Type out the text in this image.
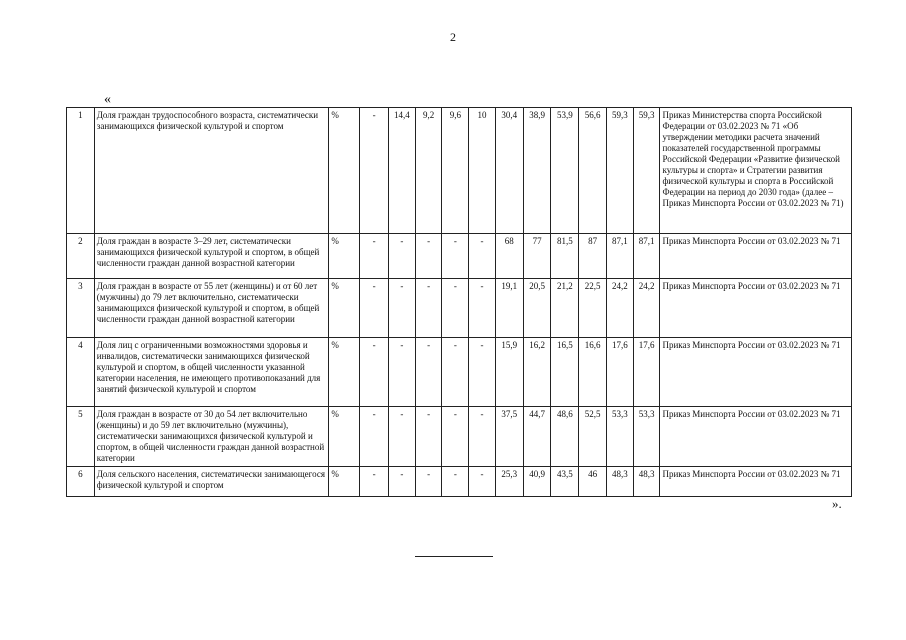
2
«
1	Доля граждан трудоспособного возраста, систематически занимающихся физической культурой и спортом	%	-	14,4	9,2	9,6	10	30,4	38,9	53,9	56,6	59,3	59,3	Приказ Министерства спорта Российской Федерации от 03.02.2023 № 71 «Об утверждении методики расчета значений показателей государственной программы Российской Федерации «Развитие физической культуры и спорта» и Стратегии развития физической культуры и спорта в Российской Федерации на период до 2030 года» (далее – Приказ Минспорта России от 03.02.2023 № 71)
2	Доля граждан в возрасте 3–29 лет, систематически занимающихся физической культурой и спортом, в общей численности граждан данной возрастной категории	%	-	-	-	-	-	68	77	81,5	87	87,1	87,1	Приказ Минспорта России от 03.02.2023 № 71
3	Доля граждан в возрасте от 55 лет (женщины) и от 60 лет (мужчины) до 79 лет включительно, систематически занимающихся физической культурой и спортом, в общей численности граждан данной возрастной категории	%	-	-	-	-	-	19,1	20,5	21,2	22,5	24,2	24,2	Приказ Минспорта России от 03.02.2023 № 71
4	Доля лиц с ограниченными возможностями здоровья и инвалидов, систематически занимающихся физической культурой и спортом, в общей численности указанной категории населения, не имеющего противопоказаний для занятий физической культурой и спортом	%	-	-	-	-	-	15,9	16,2	16,5	16,6	17,6	17,6	Приказ Минспорта России от 03.02.2023 № 71
5	Доля граждан в возрасте от 30 до 54 лет включительно (женщины) и до 59 лет включительно (мужчины), систематически занимающихся физической культурой и спортом, в общей численности граждан данной возрастной категории	%	-	-	-	-	-	37,5	44,7	48,6	52,5	53,3	53,3	Приказ Минспорта России от 03.02.2023 № 71
6	Доля сельского населения, систематически занимающегося физической культурой и спортом	%	-	-	-	-	-	25,3	40,9	43,5	46	48,3	48,3	Приказ Минспорта России от 03.02.2023 № 71
».
